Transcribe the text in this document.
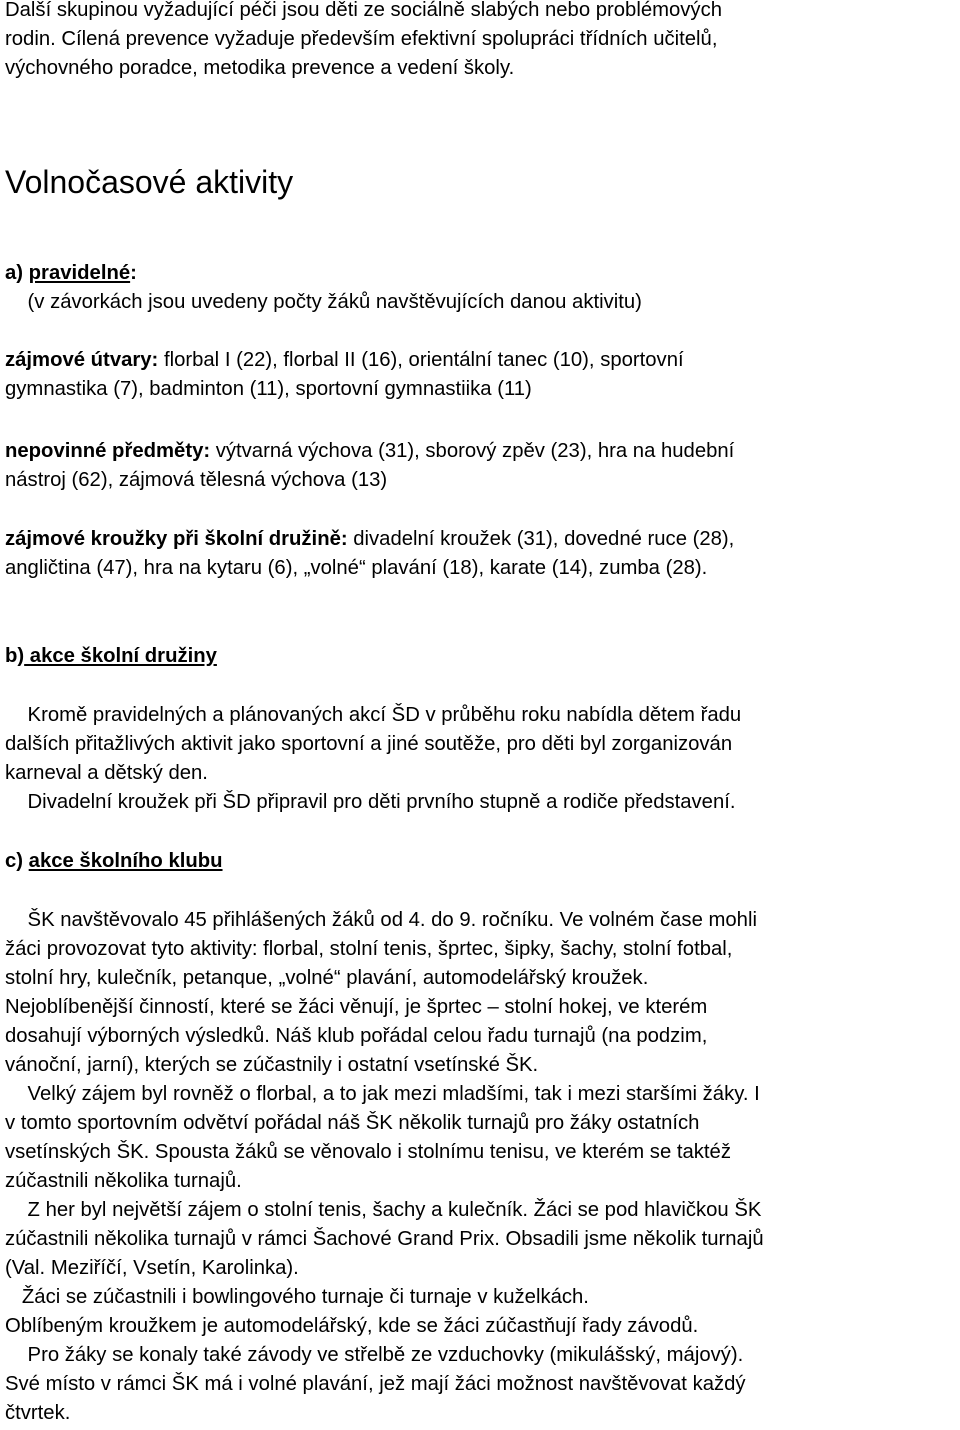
Další skupinou vyžadující péči jsou děti ze sociálně slabých nebo problémových
rodin. Cílená prevence vyžaduje především efektivní spolupráci třídních učitelů,
výchovného poradce, metodika prevence a vedení školy.
Volnočasové aktivity
a) pravidelné:
(v závorkách jsou uvedeny počty žáků navštěvujících danou aktivitu)
zájmové útvary: florbal I (22), florbal II (16), orientální tanec (10), sportovní
gymnastika (7), badminton (11), sportovní gymnastiika (11)
nepovinné předměty: výtvarná výchova (31), sborový zpěv (23), hra na hudební
nástroj (62), zájmová tělesná výchova (13)
zájmové kroužky při školní družině: divadelní kroužek (31), dovedné ruce (28),
angličtina (47), hra na kytaru (6), „volné“ plavání (18), karate (14), zumba (28).
b) akce školní družiny
Kromě pravidelných a plánovaných akcí ŠD v průběhu roku nabídla dětem řadu
dalších přitažlivých aktivit jako sportovní a jiné soutěže, pro děti byl zorganizován
karneval a dětský den.
Divadelní kroužek při ŠD připravil pro děti prvního stupně a rodiče představení.
c) akce školního klubu
ŠK navštěvovalo 45 přihlášených žáků od 4. do 9. ročníku. Ve volném čase mohli
žáci provozovat tyto aktivity: florbal, stolní tenis, šprtec, šipky, šachy, stolní fotbal,
stolní hry, kulečník, petanque, „volné“ plavání, automodelářský kroužek.
Nejoblíbenější činností, které se žáci věnují, je šprtec – stolní hokej, ve kterém
dosahují výborných výsledků. Náš klub pořádal celou řadu turnajů (na podzim,
vánoční, jarní), kterých se zúčastnily i ostatní vsetínské ŠK.
Velký zájem byl rovněž o florbal, a to jak mezi mladšími, tak i mezi staršími žáky. I
v tomto sportovním odvětví pořádal náš ŠK několik turnajů pro žáky ostatních
vsetínských ŠK. Spousta žáků se věnovalo i stolnímu tenisu, ve kterém se taktéž
zúčastnili několika turnajů.
Z her byl největší zájem o stolní tenis, šachy a kulečník. Žáci se pod hlavičkou ŠK
zúčastnili několika turnajů v rámci Šachové Grand Prix. Obsadili jsme několik turnajů
(Val. Meziříčí, Vsetín, Karolinka).
Žáci se zúčastnili i bowlingového turnaje či turnaje v kuželkách.
Oblíbeným kroužkem je automodelářský, kde se žáci zúčastňují řady závodů.
Pro žáky se konaly také závody ve střelbě ze vzduchovky (mikulášský, májový).
Své místo v rámci ŠK má i volné plavání, jež mají žáci možnost navštěvovat každý
čtvrtek.
